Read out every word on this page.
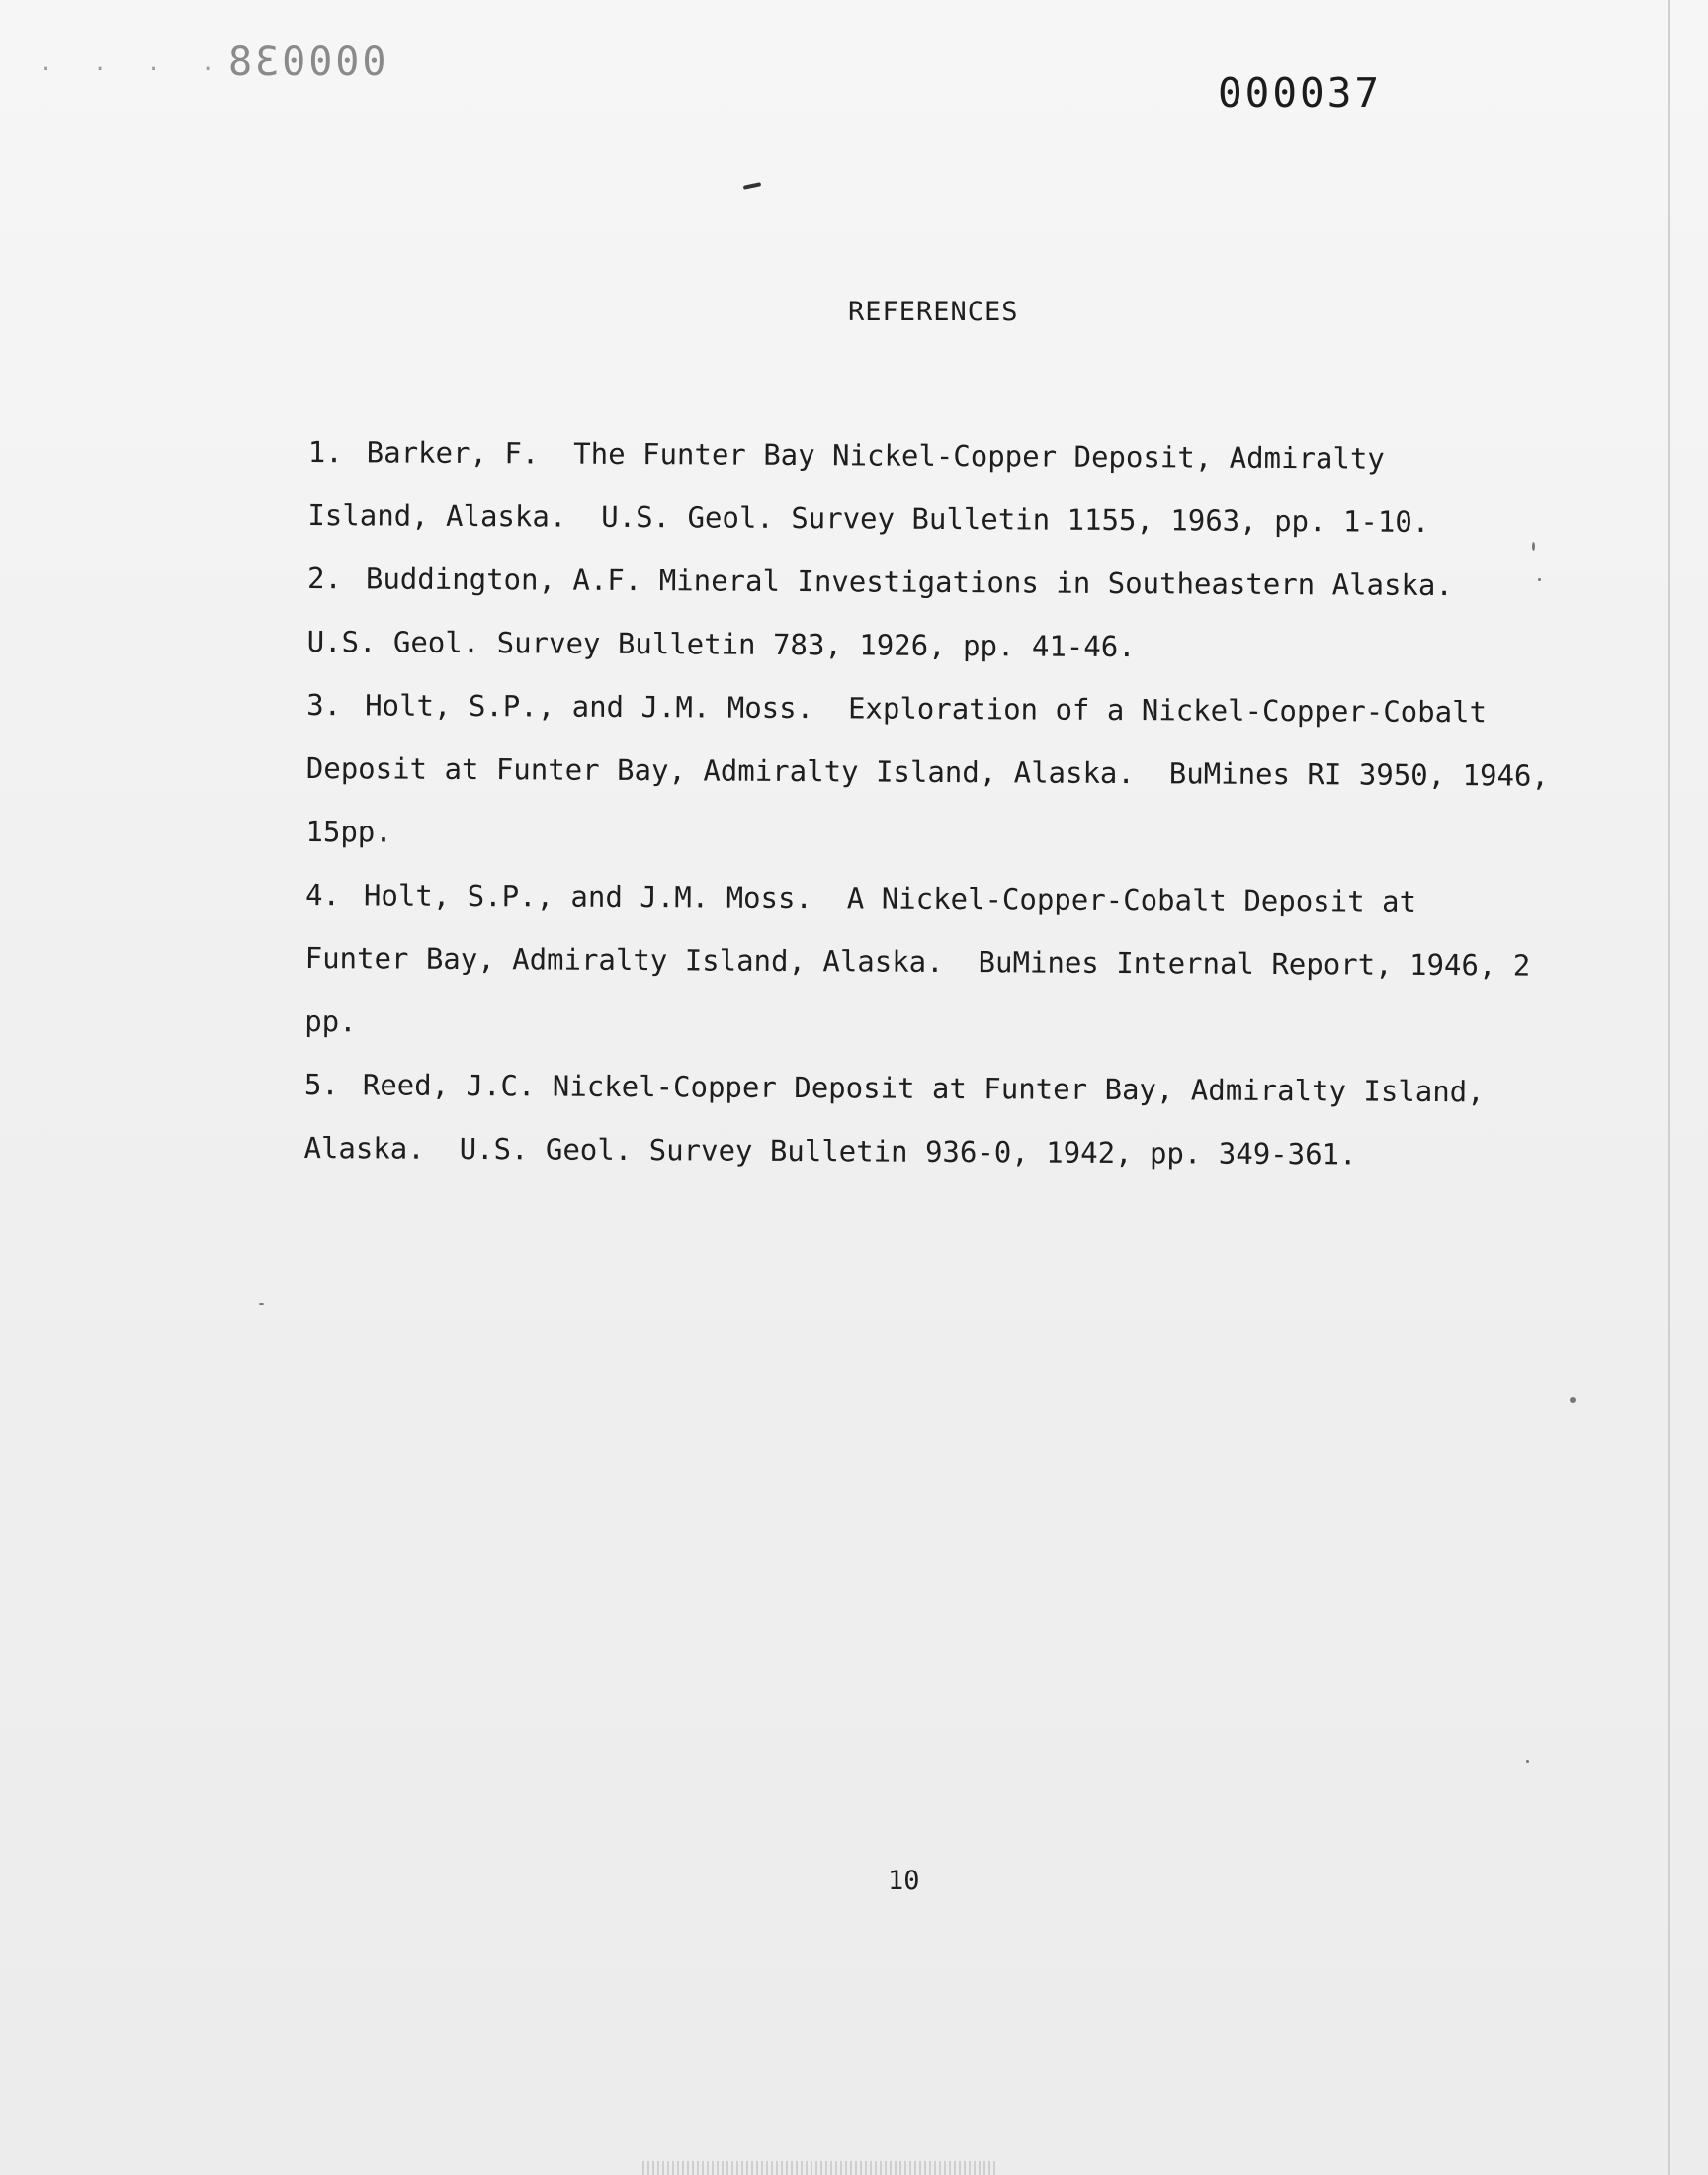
· · · ·
000038
000037
REFERENCES
1. Barker, F.  The Funter Bay Nickel-Copper Deposit, Admiralty
Island, Alaska.  U.S. Geol. Survey Bulletin 1155, 1963, pp. 1-10.
2. Buddington, A.F. Mineral Investigations in Southeastern Alaska.
U.S. Geol. Survey Bulletin 783, 1926, pp. 41-46.
3. Holt, S.P., and J.M. Moss.  Exploration of a Nickel-Copper-Cobalt
Deposit at Funter Bay, Admiralty Island, Alaska.  BuMines RI 3950, 1946,
15pp.
4. Holt, S.P., and J.M. Moss.  A Nickel-Copper-Cobalt Deposit at
Funter Bay, Admiralty Island, Alaska.  BuMines Internal Report, 1946, 2
pp.
5. Reed, J.C. Nickel-Copper Deposit at Funter Bay, Admiralty Island,
Alaska.  U.S. Geol. Survey Bulletin 936-0, 1942, pp. 349-361.
10
